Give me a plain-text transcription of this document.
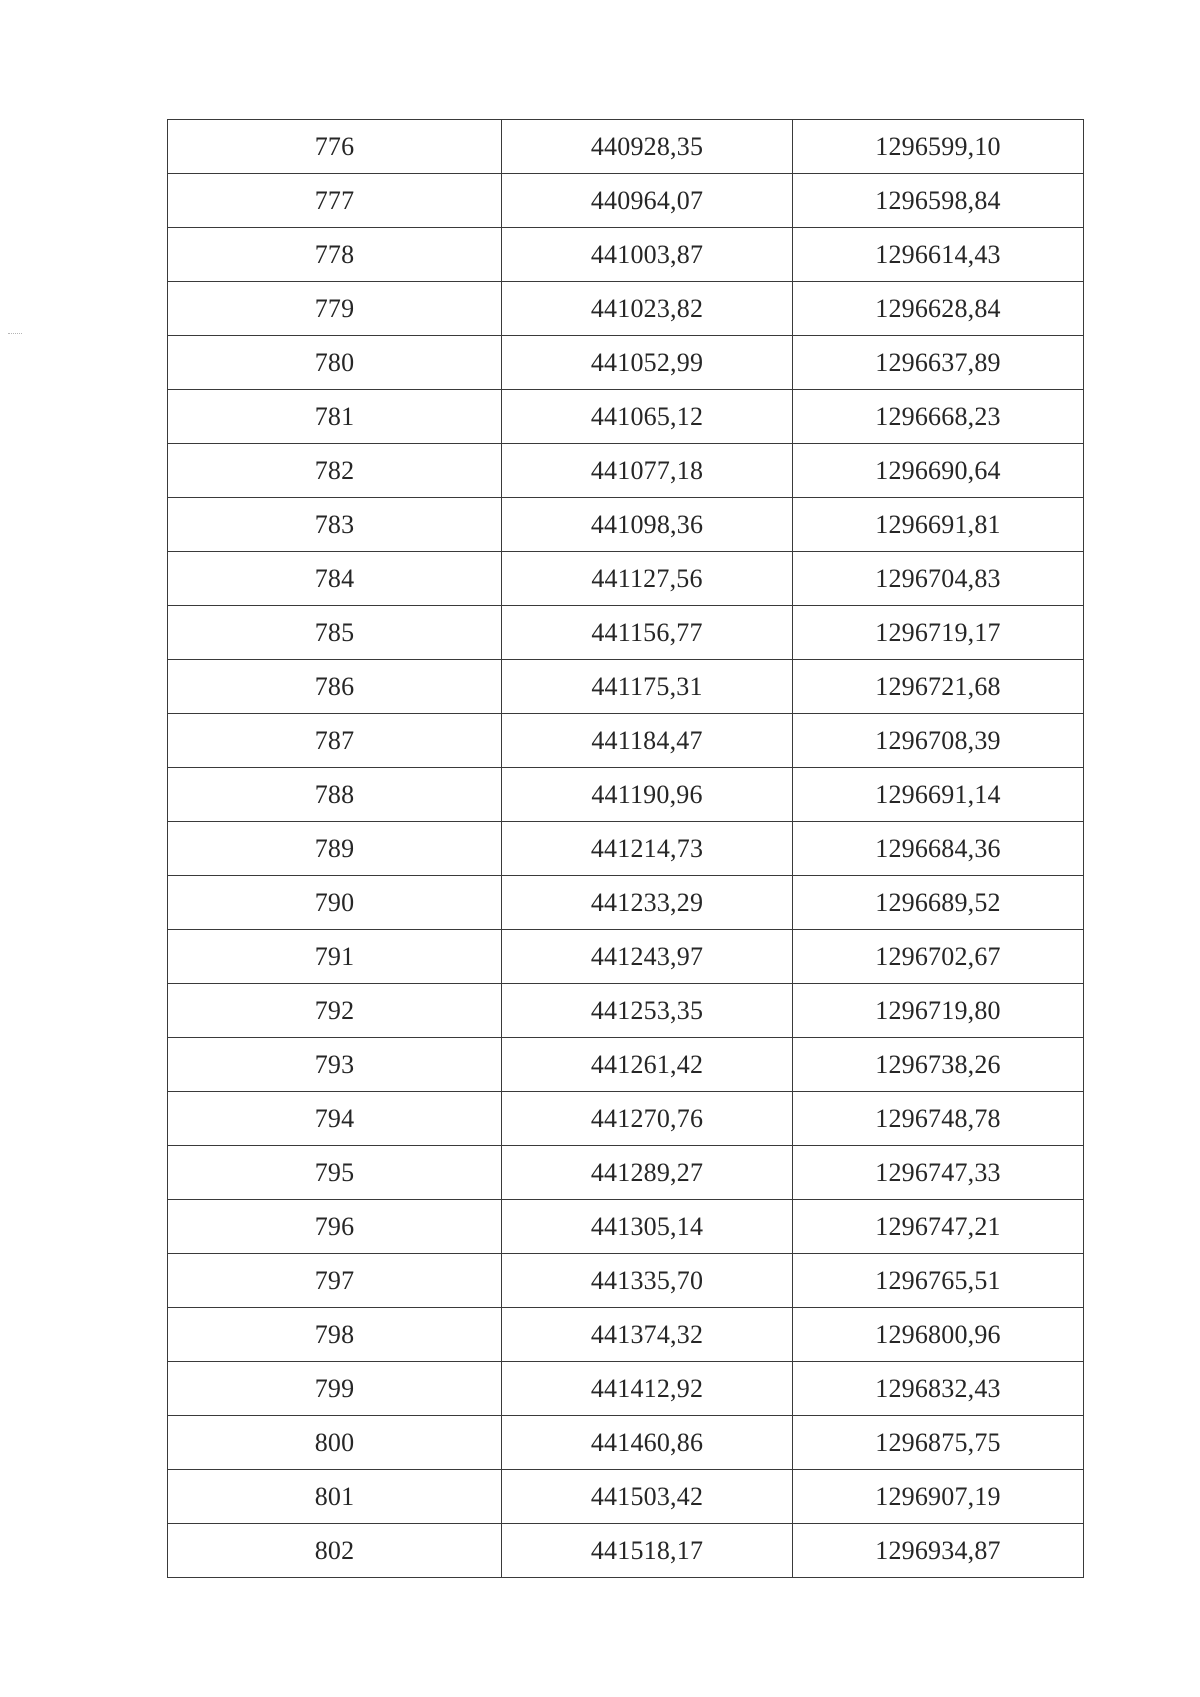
776	440928,35	1296599,10
777	440964,07	1296598,84
778	441003,87	1296614,43
779	441023,82	1296628,84
780	441052,99	1296637,89
781	441065,12	1296668,23
782	441077,18	1296690,64
783	441098,36	1296691,81
784	441127,56	1296704,83
785	441156,77	1296719,17
786	441175,31	1296721,68
787	441184,47	1296708,39
788	441190,96	1296691,14
789	441214,73	1296684,36
790	441233,29	1296689,52
791	441243,97	1296702,67
792	441253,35	1296719,80
793	441261,42	1296738,26
794	441270,76	1296748,78
795	441289,27	1296747,33
796	441305,14	1296747,21
797	441335,70	1296765,51
798	441374,32	1296800,96
799	441412,92	1296832,43
800	441460,86	1296875,75
801	441503,42	1296907,19
802	441518,17	1296934,87
